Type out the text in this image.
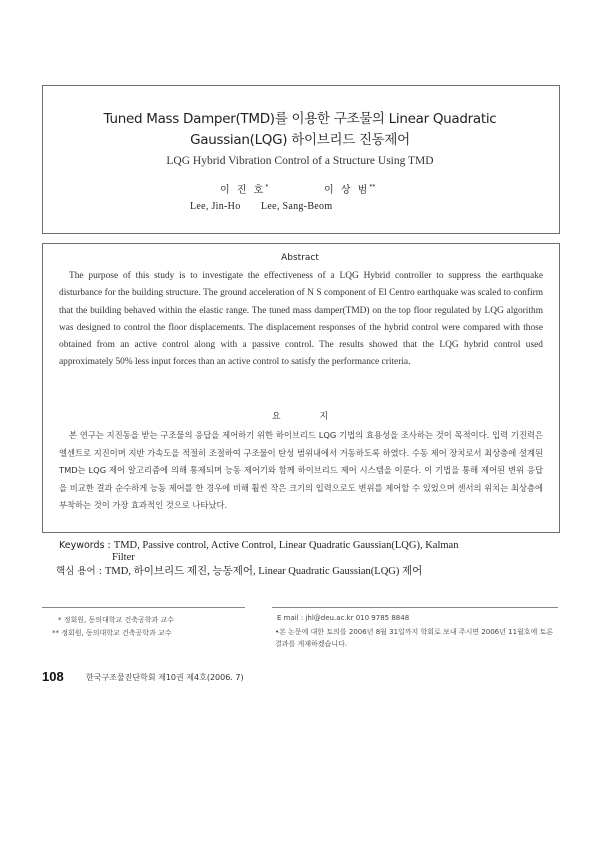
Tuned Mass Damper(TMD)를 이용한 구조물의 Linear Quadratic
Gaussian(LQG) 하이브리드 진동제어
LQG Hybrid Vibration Control of a Structure Using TMD
이 진 호*	이 상 범**
Lee, Jin-Ho Lee, Sang-Beom
Abstract

The purpose of this study is to investigate the effectiveness of a LQG Hybrid controller to suppress the earthquake disturbance for the building structure. The ground acceleration of N S component of El Centro earthquake was scaled to confirm that the building behaved within the elastic range. The tuned mass damper(TMD) on the top floor regulated by LQG algorithm was designed to control the floor displacements. The displacement responses of the hybrid control were compared with those obtained from an active control along with a passive control. The results showed that the LQG hybrid control used approximately 50% less input forces than an active control to satisfy the performance criteria.

요 지

본 연구는 지진동을 받는 구조물의 응답을 제어하기 위한 하이브리드 LQG 기법의 효용성을 조사하는 것이 목적이다. 입력 기진력은 엘센트로 지진이며 지반 가속도을 적절히 조절하여 구조물이 탄성 범위내에서 거동하도록 하였다. 수동 제어 장치로서 최상층에 설계된 TMD는 LQG 제어 알고리즘에 의해 통제되며 능동 제어기와 함께 하이브리드 제어 시스템을 이룬다. 이 기법을 통해 제어된 변위 응답을 비교한 결과 순수하게 능동 제어를 한 경우에 비해 훨씬 작은 크기의 입력으로도 변위를 제어할 수 있었으며 센서의 위치는 최상층에 부착하는 것이 가장 효과적인 것으로 나타났다.

Keywords : TMD, Passive control, Active Control, Linear Quadratic Gaussian(LQG), Kalman
Filter
핵심 용어 : TMD, 하이브리드 제진, 능동제어, Linear Quadratic Gaussian(LQG) 제어
* 정회원, 동의대학교 건축공학과 교수
** 정회원, 동의대학교 건축공학과 교수
E mail : jhl@deu.ac.kr 010 9785 8848
•본 논문에 대한 토의를 2006년 8월 31일까지 학회로 보내 주시면 2006년 11월호에 토론결과를 게재하겠습니다.
108	한국구조물진단학회 제10권 제4호(2006. 7)
